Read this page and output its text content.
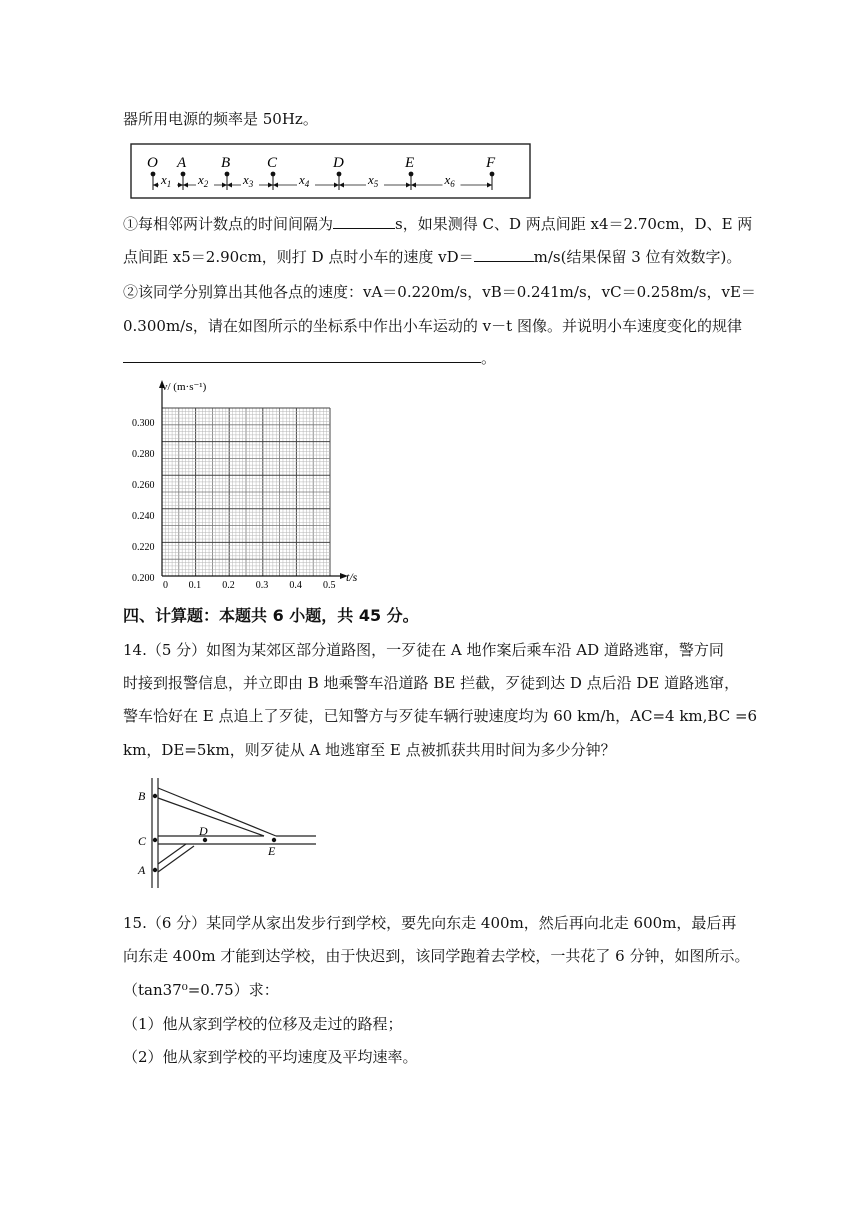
器所用电源的频率是 50Hz。
O A B C	D	E	F
$x_1$ $x_2$	$x_3$	$x_4$	$x_5$	$x_6$
①每相邻两计数点的时间间隔为	s，如果测得 C、D 两点间距 x4＝2.70cm，D、E 两
点间距 x5＝2.90cm，则打 D 点时小车的速度 vD＝	m/s(结果保留 3 位有效数字)。
②该同学分别算出其他各点的速度：vA＝0.220m/s，vB＝0.241m/s，vC＝0.258m/s，vE＝
0.300m/s，请在如图所示的坐标系中作出小车运动的 v－t 图像。并说明小车速度变化的规律
。
0.300
0.280
0.260
0.240
0.220
0.200
0 0.1 0.2 0.3 0.4 0.5
v/ (m·s⁻¹)
t/s
四、计算题：本题共 6 小题，共 45 分。
14.（5 分）如图为某郊区部分道路图，一歹徒在 A 地作案后乘车沿 AD 道路逃窜，警方同
时接到报警信息，并立即由 B 地乘警车沿道路 BE 拦截，歹徒到达 D 点后沿 DE 道路逃窜，
警车恰好在 E 点追上了歹徒，已知警方与歹徒车辆行驶速度均为 60 km/h，AC=4 km,BC =6
km，DE=5km，则歹徒从 A 地逃窜至 E 点被抓获共用时间为多少分钟？
B
C
D
E
A
15.（6 分）某同学从家出发步行到学校，要先向东走 400m，然后再向北走 600m，最后再
向东走 400m 才能到达学校，由于快迟到，该同学跑着去学校，一共花了 6 分钟，如图所示。
（tan37⁰=0.75）求：
（1）他从家到学校的位移及走过的路程；
（2）他从家到学校的平均速度及平均速率。
